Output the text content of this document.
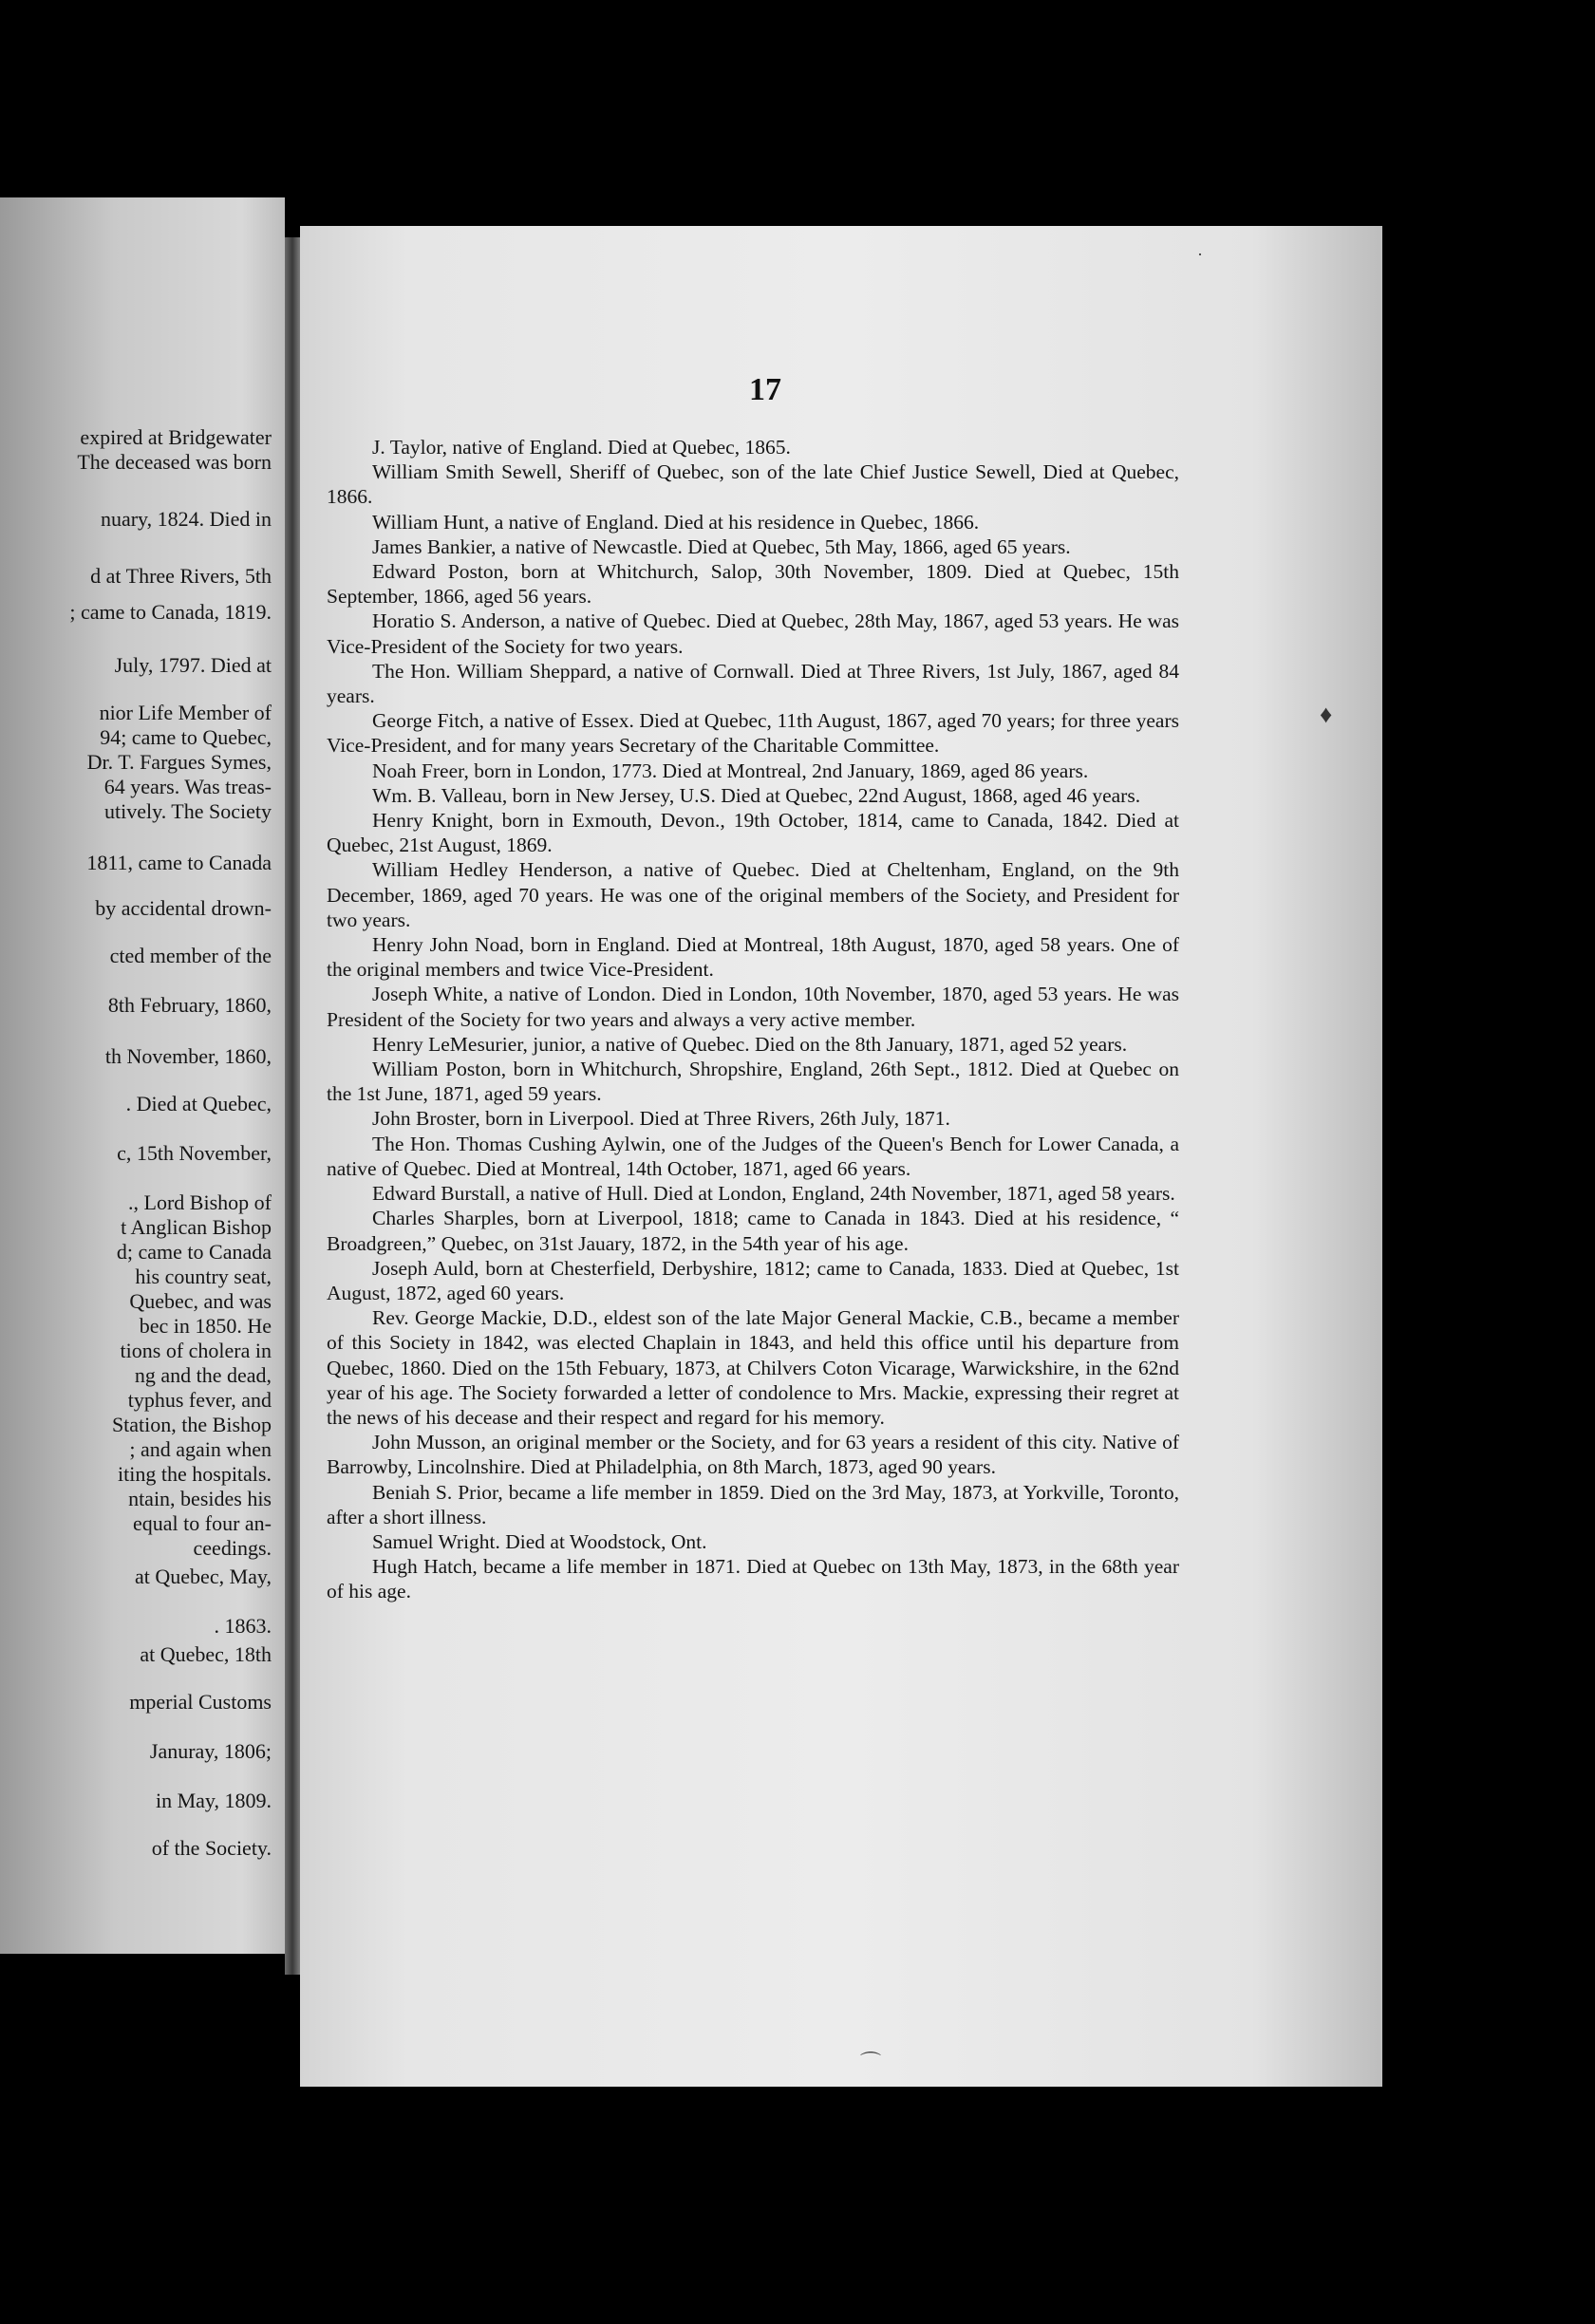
expired at Bridgewater

The deceased was born

nuary, 1824. Died in

d at Three Rivers, 5th

; came to Canada, 1819.

July, 1797. Died at

nior Life Member of

94; came to Quebec,

Dr. T. Fargues Symes,

64 years. Was treas-

utively. The Society

1811, came to Canada

by accidental drown-

cted member of the

8th February, 1860,

th November, 1860,

. Died at Quebec,

c, 15th November,

., Lord Bishop of

t Anglican Bishop

d; came to Canada

his country seat,

Quebec, and was

bec in 1850. He

tions of cholera in

ng and the dead,

typhus fever, and

Station, the Bishop

; and again when

iting the hospitals.

ntain, besides his

equal to four an-

ceedings.

at Quebec, May,

. 1863.

at Quebec, 18th

mperial Customs

Januray, 1806;

in May, 1809.

of the Society.

·
♦
⌒

17

J. Taylor, native of England. Died at Quebec, 1865.

William Smith Sewell, Sheriff of Quebec, son of the late Chief Justice Sewell, Died at Quebec, 1866.

William Hunt, a native of England. Died at his residence in Quebec, 1866.

James Bankier, a native of Newcastle. Died at Quebec, 5th May, 1866, aged 65 years.

Edward Poston, born at Whitchurch, Salop, 30th November, 1809. Died at Quebec, 15th September, 1866, aged 56 years.

Horatio S. Anderson, a native of Quebec. Died at Quebec, 28th May, 1867, aged 53 years. He was Vice-President of the Society for two years.

The Hon. William Sheppard, a native of Cornwall. Died at Three Rivers, 1st July, 1867, aged 84 years.

George Fitch, a native of Essex. Died at Quebec, 11th August, 1867, aged 70 years; for three years Vice-President, and for many years Secretary of the Charitable Committee.

Noah Freer, born in London, 1773. Died at Montreal, 2nd January, 1869, aged 86 years.

Wm. B. Valleau, born in New Jersey, U.S. Died at Quebec, 22nd August, 1868, aged 46 years.

Henry Knight, born in Exmouth, Devon., 19th October, 1814, came to Canada, 1842. Died at Quebec, 21st August, 1869.

William Hedley Henderson, a native of Quebec. Died at Cheltenham, England, on the 9th December, 1869, aged 70 years. He was one of the original members of the Society, and President for two years.

Henry John Noad, born in England. Died at Montreal, 18th August, 1870, aged 58 years. One of the original members and twice Vice-President.

Joseph White, a native of London. Died in London, 10th November, 1870, aged 53 years. He was President of the Society for two years and always a very active member.

Henry LeMesurier, junior, a native of Quebec. Died on the 8th January, 1871, aged 52 years.

William Poston, born in Whitchurch, Shropshire, England, 26th Sept., 1812. Died at Quebec on the 1st June, 1871, aged 59 years.

John Broster, born in Liverpool. Died at Three Rivers, 26th July, 1871.

The Hon. Thomas Cushing Aylwin, one of the Judges of the Queen's Bench for Lower Canada, a native of Quebec. Died at Montreal, 14th October, 1871, aged 66 years.

Edward Burstall, a native of Hull. Died at London, England, 24th November, 1871, aged 58 years.

Charles Sharples, born at Liverpool, 1818; came to Canada in 1843. Died at his residence, “ Broadgreen,” Quebec, on 31st Jauary, 1872, in the 54th year of his age.

Joseph Auld, born at Chesterfield, Derbyshire, 1812; came to Canada, 1833. Died at Quebec, 1st August, 1872, aged 60 years.

Rev. George Mackie, D.D., eldest son of the late Major General Mackie, C.B., became a member of this Society in 1842, was elected Chaplain in 1843, and held this office until his departure from Quebec, 1860. Died on the 15th Febuary, 1873, at Chilvers Coton Vicarage, Warwickshire, in the 62nd year of his age. The Society forwarded a letter of condolence to Mrs. Mackie, expressing their regret at the news of his decease and their respect and regard for his memory.

John Musson, an original member or the Society, and for 63 years a resident of this city. Native of Barrowby, Lincolnshire. Died at Philadelphia, on 8th March, 1873, aged 90 years.

Beniah S. Prior, became a life member in 1859. Died on the 3rd May, 1873, at Yorkville, Toronto, after a short illness.

Samuel Wright. Died at Woodstock, Ont.

Hugh Hatch, became a life member in 1871. Died at Quebec on 13th May, 1873, in the 68th year of his age.
